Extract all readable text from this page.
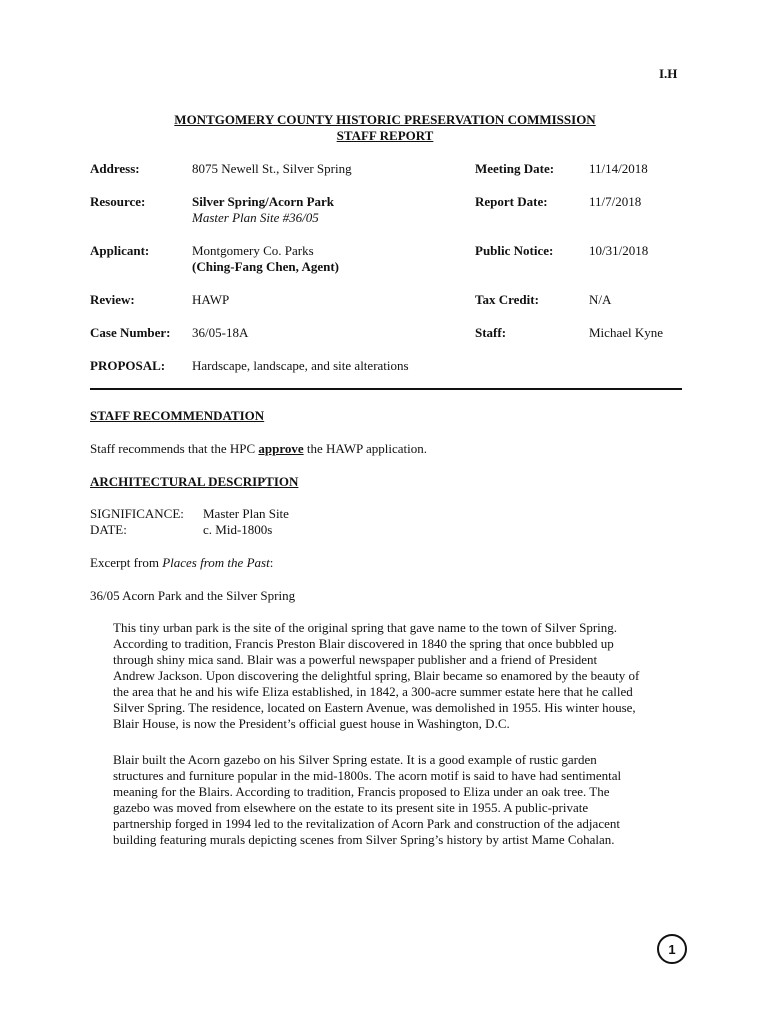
I.H
MONTGOMERY COUNTY HISTORIC PRESERVATION COMMISSION
STAFF REPORT
Address:	8075 Newell St., Silver Spring	Meeting Date:	11/14/2018
Resource:	Silver Spring/Acorn Park
Master Plan Site #36/05
Report Date:	11/7/2018
Applicant:	Montgomery Co. Parks
(Ching-Fang Chen, Agent)
Public Notice:	10/31/2018
Review:	HAWP	Tax Credit:	N/A
Case Number: 36/05-18A	Staff:	Michael Kyne
PROPOSAL: Hardscape, landscape, and site alterations
STAFF RECOMMENDATION
Staff recommends that the HPC approve the HAWP application.
ARCHITECTURAL DESCRIPTION
SIGNIFICANCE: Master Plan Site
DATE:	c. Mid-1800s
Excerpt from Places from the Past:
36/05 Acorn Park and the Silver Spring
This tiny urban park is the site of the original spring that gave name to the town of Silver Spring.
According to tradition, Francis Preston Blair discovered in 1840 the spring that once bubbled up
through shiny mica sand. Blair was a powerful newspaper publisher and a friend of President
Andrew Jackson. Upon discovering the delightful spring, Blair became so enamored by the beauty of
the area that he and his wife Eliza established, in 1842, a 300-acre summer estate here that he called
Silver Spring. The residence, located on Eastern Avenue, was demolished in 1955. His winter house,
Blair House, is now the President’s official guest house in Washington, D.C.
Blair built the Acorn gazebo on his Silver Spring estate. It is a good example of rustic garden
structures and furniture popular in the mid-1800s. The acorn motif is said to have had sentimental
meaning for the Blairs. According to tradition, Francis proposed to Eliza under an oak tree. The
gazebo was moved from elsewhere on the estate to its present site in 1955. A public-private
partnership forged in 1994 led to the revitalization of Acorn Park and construction of the adjacent
building featuring murals depicting scenes from Silver Spring’s history by artist Mame Cohalan.
1
